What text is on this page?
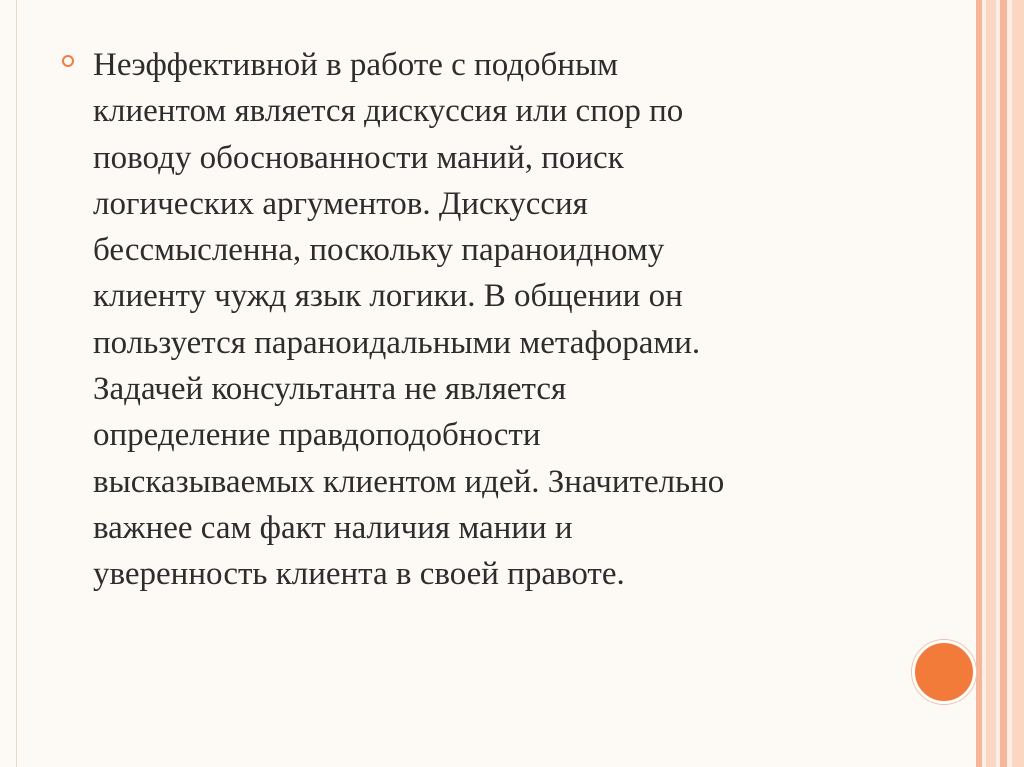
Неэффективной в работе с подобным
клиентом является дискуссия или спор по
поводу обоснованности маний, поиск
логических аргументов. Дискуссия
бессмысленна, поскольку параноидному
клиенту чужд язык логики. В общении он
пользуется параноидальными метафорами.
Задачей консультанта не является
определение правдоподобности
высказываемых клиентом идей. Значительно
важнее сам факт наличия мании и
уверенность клиента в своей правоте.
